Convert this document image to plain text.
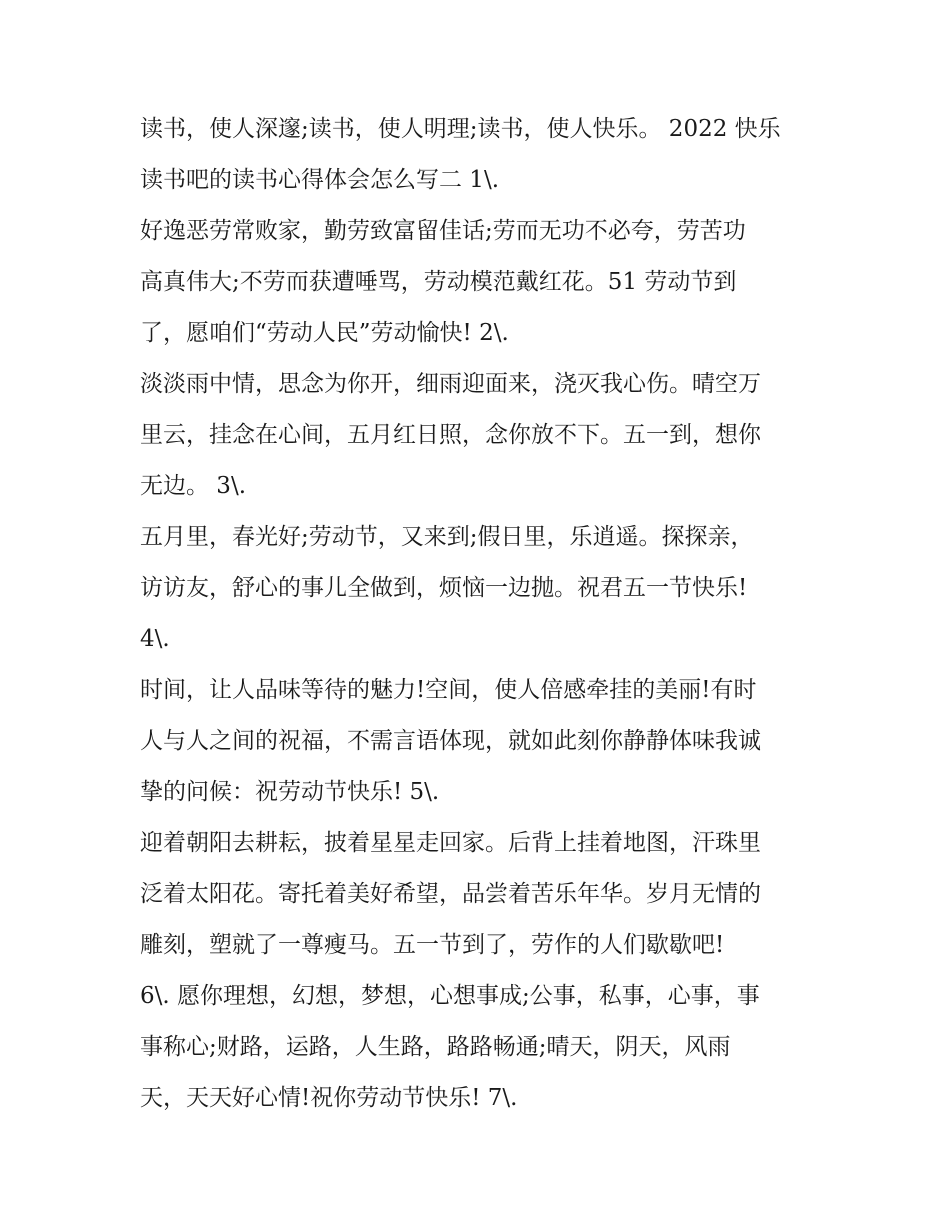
读书，使人深邃;读书，使人明理;读书，使人快乐。 2022 快乐
读书吧的读书心得体会怎么写二 1\.
好逸恶劳常败家，勤劳致富留佳话;劳而无功不必夸，劳苦功
高真伟大;不劳而获遭唾骂，劳动模范戴红花。51 劳动节到
了，愿咱们“劳动人民”劳动愉快! 2\.
淡淡雨中情，思念为你开，细雨迎面来，浇灭我心伤。晴空万
里云，挂念在心间，五月红日照，念你放不下。五一到，想你
无边。 3\.
五月里，春光好;劳动节，又来到;假日里，乐逍遥。探探亲，
访访友，舒心的事儿全做到，烦恼一边抛。祝君五一节快乐!
4\.
时间，让人品味等待的魅力!空间，使人倍感牵挂的美丽!有时
人与人之间的祝福，不需言语体现，就如此刻你静静体味我诚
挚的问候：祝劳动节快乐! 5\.
迎着朝阳去耕耘，披着星星走回家。后背上挂着地图，汗珠里
泛着太阳花。寄托着美好希望，品尝着苦乐年华。岁月无情的
雕刻，塑就了一尊瘦马。五一节到了，劳作的人们歇歇吧!
6\. 愿你理想，幻想，梦想，心想事成;公事，私事，心事，事
事称心;财路，运路，人生路，路路畅通;晴天，阴天，风雨
天，天天好心情!祝你劳动节快乐! 7\.
